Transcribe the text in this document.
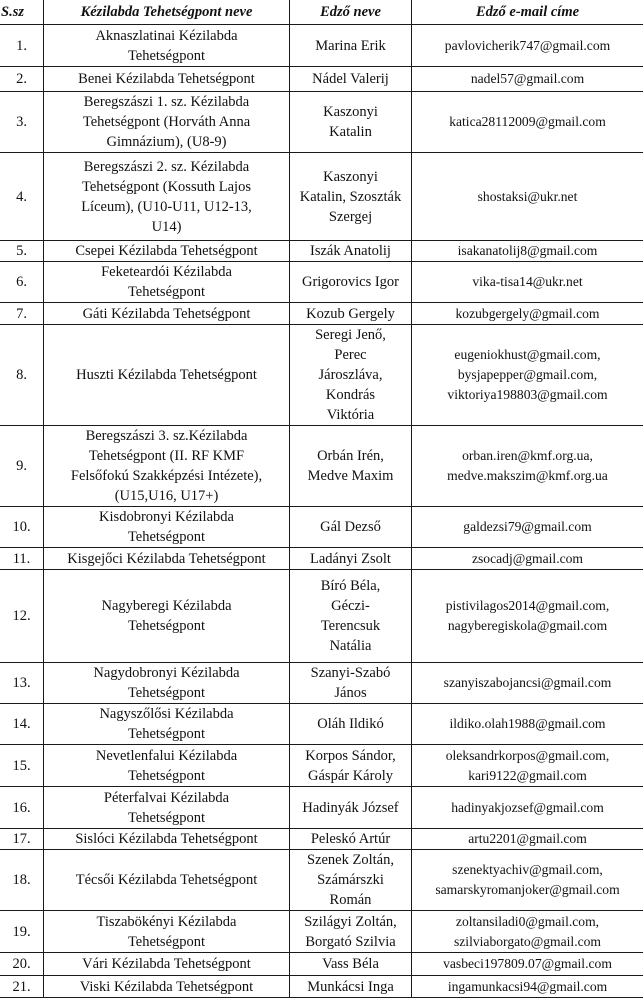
S.sz	Kézilabda Tehetségpont neve	Edző neve	Edző e-mail címe
1.	Aknaszlatinai Kézilabda
Tehetségpont	Marina Erik	pavlovicherik747@gmail.com

2.	Benei Kézilabda Tehetségpont	Nádel Valerij	nadel57@gmail.com

3.	Beregszászi 1. sz. Kézilabda
Tehetségpont (Horváth Anna
Gimnázium), (U8-9)	Kaszonyi
Katalin	katica28112009@gmail.com

4.	Beregszászi 2. sz. Kézilabda
Tehetségpont (Kossuth Lajos
Líceum), (U10-U11, U12-13,
U14)	Kaszonyi
Katalin, Szoszták
Szergej	shostaksi@ukr.net

5.	Csepei Kézilabda Tehetségpont	Iszák Anatolij	isakanatolij8@gmail.com

6.	Feketeardói Kézilabda
Tehetségpont	Grigorovics Igor	vika-tisa14@ukr.net

7.	Gáti Kézilabda Tehetségpont	Kozub Gergely	kozubgergely@gmail.com

8.	Huszti Kézilabda Tehetségpont	Seregi Jenő,
Perec
Jároszláva,
Kondrás
Viktória	eugeniokhust@gmail.com,
bysjapepper@gmail.com,
viktoriya198803@gmail.com

9.	Beregszászi 3. sz.Kézilabda
Tehetségpont (II. RF KMF
Felsőfokú Szakképzési Intézete),
(U15,U16, U17+)	Orbán Irén,
Medve Maxim	orban.iren@kmf.org.ua,
medve.makszim@kmf.org.ua

10.	Kisdobronyi Kézilabda
Tehetségpont	Gál Dezső	galdezsi79@gmail.com

11.	Kisgejőci Kézilabda Tehetségpont	Ladányi Zsolt	zsocadj@gmail.com

12.	Nagyberegi Kézilabda
Tehetségpont	Bíró Béla,
Géczi-
Terencsuk
Natália	pistivilagos2014@gmail.com,
nagyberegiskola@gmail.com

13.	Nagydobronyi Kézilabda
Tehetségpont	Szanyi-Szabó
János	szanyiszabojancsi@gmail.com

14.	Nagyszőlősi Kézilabda
Tehetségpont	Oláh Ildikó	ildiko.olah1988@gmail.com

15.	Nevetlenfalui Kézilabda
Tehetségpont	Korpos Sándor,
Gáspár Károly	oleksandrkorpos@gmail.com,
kari9122@gmail.com

16.	Péterfalvai Kézilabda
Tehetségpont	Hadinyák József	hadinyakjozsef@gmail.com

17.	Sislóci Kézilabda Tehetségpont	Peleskó Artúr	artu2201@gmail.com

18.	Técsői Kézilabda Tehetségpont	Szenek Zoltán,
Számárszki
Román	szenektyachiv@gmail.com,
samarskyromanjoker@gmail.com

19.	Tiszabökényi Kézilabda
Tehetségpont	Szilágyi Zoltán,
Borgató Szilvia	zoltansiladi0@gmail.com,
szilviaborgato@gmail.com

20.	Vári Kézilabda Tehetségpont	Vass Béla	vasbeci197809.07@gmail.com

21.	Viski Kézilabda Tehetségpont	Munkácsi Inga	ingamunkacsi94@gmail.com
